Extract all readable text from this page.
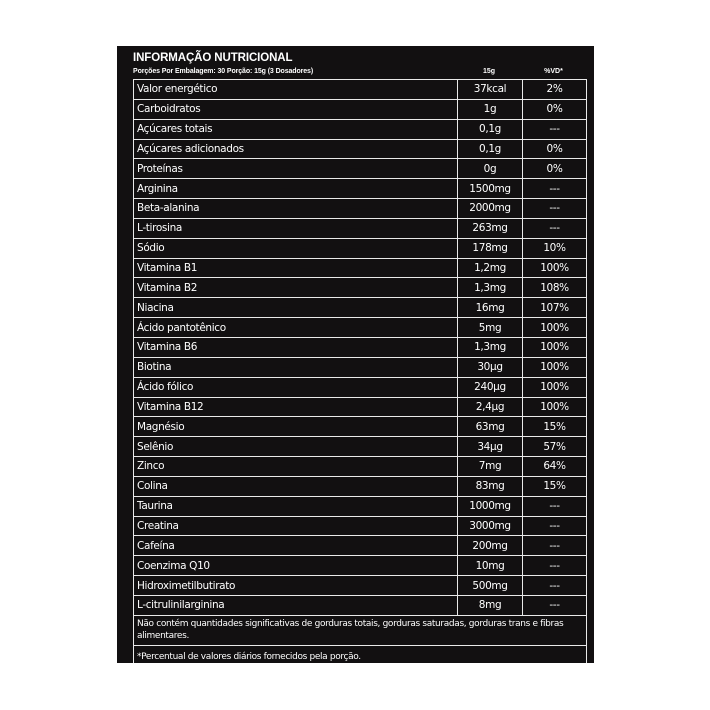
INFORMAÇÃO NUTRICIONAL
Porções Por Embalagem: 30 Porção: 15g (3 Dosadores)	15g	%VD*
Valor energético	37kcal	2%
Carboidratos	1g	0%
Açúcares totais	0,1g	---
Açúcares adicionados	0,1g	0%
Proteínas	0g	0%
Arginina	1500mg	---
Beta-alanina	2000mg	---
L-tirosina	263mg	---
Sódio	178mg	10%
Vitamina B1	1,2mg	100%
Vitamina B2	1,3mg	108%
Niacina	16mg	107%
Ácido pantotênico	5mg	100%
Vitamina B6	1,3mg	100%
Biotina	30µg	100%
Ácido fólico	240µg	100%
Vitamina B12	2,4µg	100%
Magnésio	63mg	15%
Selênio	34µg	57%
Zinco	7mg	64%
Colina	83mg	15%
Taurina	1000mg	---
Creatina	3000mg	---
Cafeína	200mg	---
Coenzima Q10	10mg	---
Hidroximetilbutirato	500mg	---
L-citrulinilarginina	8mg	---
Não contém quantidades significativas de gorduras totais, gorduras saturadas, gorduras trans e fibras alimentares.		
*Percentual de valores diários fornecidos pela porção.		
